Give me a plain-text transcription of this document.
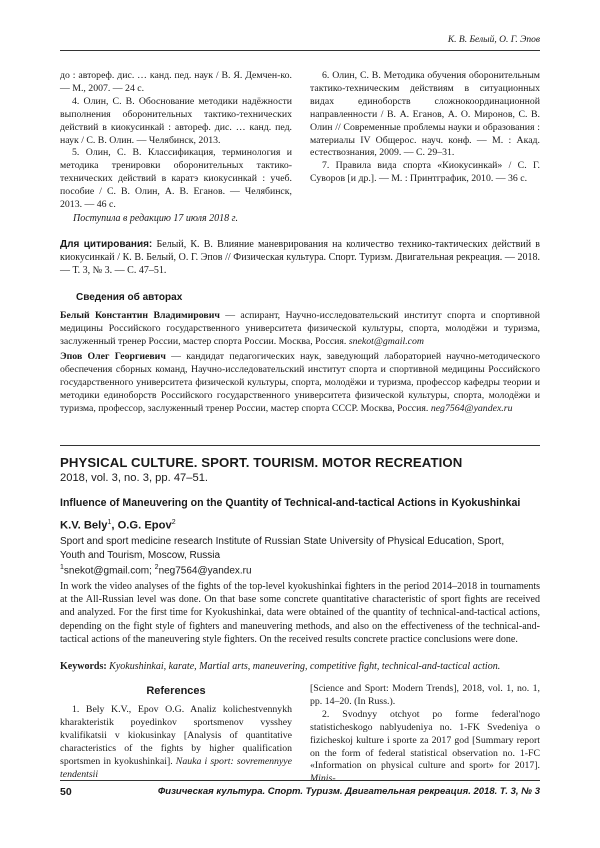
К. В. Белый, О. Г. Эпов

до : автореф. дис. … канд. пед. наук / В. Я. Демчен-ко. — М., 2007. — 24 с.

4. Олин, С. В. Обоснование методики надёжности выполнения оборонительных тактико-технических действий в киокусинкай : автореф. дис. … канд. пед. наук / С. В. Олин. — Челябинск, 2013.

5. Олин, С. В. Классификация, терминология и методика тренировки оборонительных тактико-технических действий в каратэ киокусинкай : учеб. пособие / С. В. Олин, А. В. Еганов. — Челябинск, 2013. — 46 с.

6. Олин, С. В. Методика обучения оборонительным тактико-техническим действиям в ситуационных видах единоборств сложнокоординационной направленности / В. А. Еганов, А. О. Миронов, С. В. Олин // Современные проблемы науки и образования : материалы IV Общерос. науч. конф. — М. : Акад. естествознания, 2009. — С. 29–31.

7. Правила вида спорта «Киокусинкай» / С. Г. Суворов [и др.]. — М. : Принтграфик, 2010. — 36 с.

Поступила в редакцию 17 июля 2018 г.
Для цитирования: Белый, К. В. Влияние маневрирования на количество технико-тактических действий в киокусинкай / К. В. Белый, О. Г. Эпов // Физическая культура. Спорт. Туризм. Двигательная рекреация. — 2018. — Т. 3, № 3. — С. 47–51.
Сведения об авторах
Белый Константин Владимирович — аспирант, Научно-исследовательский институт спорта и спортивной медицины Российского государственного университета физической культуры, спорта, молодёжи и туризма, заслуженный тренер России, мастер спорта России. Москва, Россия. snekot@gmail.com
Эпов Олег Георгиевич — кандидат педагогических наук, заведующий лабораторией научно-методического обеспечения сборных команд, Научно-исследовательский институт спорта и спортивной медицины Российского государственного университета физической культуры, спорта, молодёжи и туризма, профессор кафедры теории и методики единоборств Российского государственного университета физической культуры, спорта, молодёжи и туризма, профессор, заслуженный тренер России, мастер спорта СССР. Москва, Россия. neg7564@yandex.ru
PHYSICAL CULTURE. SPORT. TOURISM. MOTOR RECREATION
2018, vol. 3, no. 3, pp. 47–51.
Influence of Maneuvering on the Quantity of Technical-and-tactical Actions in Kyokushinkai
K.V. Bely$^1$, O.G. Epov$^2$
Sport and sport medicine research Institute of Russian State University of Physical Education, Sport, Youth and Tourism, Moscow, Russia
$^1$snekot@gmail.com; $^2$neg7564@yandex.ru
In work the video analyses of the fights of the top-level kyokushinkai fighters in the period 2014–2018 in tournaments at the All-Russian level was done. On that base some concrete quantitative characteristic of sport fights are received and analyzed. For the first time for Kyokushinkai, data were obtained of the quantity of technical-and-tactical actions, depending on the fight style of fighters and maneuvering methods, and also on the effectiveness of the technical-and-tactical actions of the maneuvering style fighters. On the received results concrete practice conclusions were done.
Keywords: Kyokushinkai, karate, Martial arts, maneuvering, competitive fight, technical-and-tactical action.
References

1. Bely K.V., Epov O.G. Analiz kolichestvennykh kharakteristik poyedinkov sportsmenov vysshey kvalifikatsii v kiokusinkay [Analysis of quantitative characteristics of the fights by higher qualification sportsmen in kyokushinkai]. Nauka i sport: sovremennyye tendentsii

[Science and Sport: Modern Trends], 2018, vol. 1, no. 1, pp. 14–20. (In Russ.).

2. Svodnyy otchyot po forme federal'nogo statisticheskogo nablyudeniya no. 1-FK Svedeniya o fizicheskoj kulture i sporte za 2017 god [Summary report on the form of federal statistical observation no. 1-FC «Information on physical culture and sport» for 2017]. Minis-

50	Физическая культура. Спорт. Туризм. Двигательная рекреация. 2018. Т. 3, № 3
